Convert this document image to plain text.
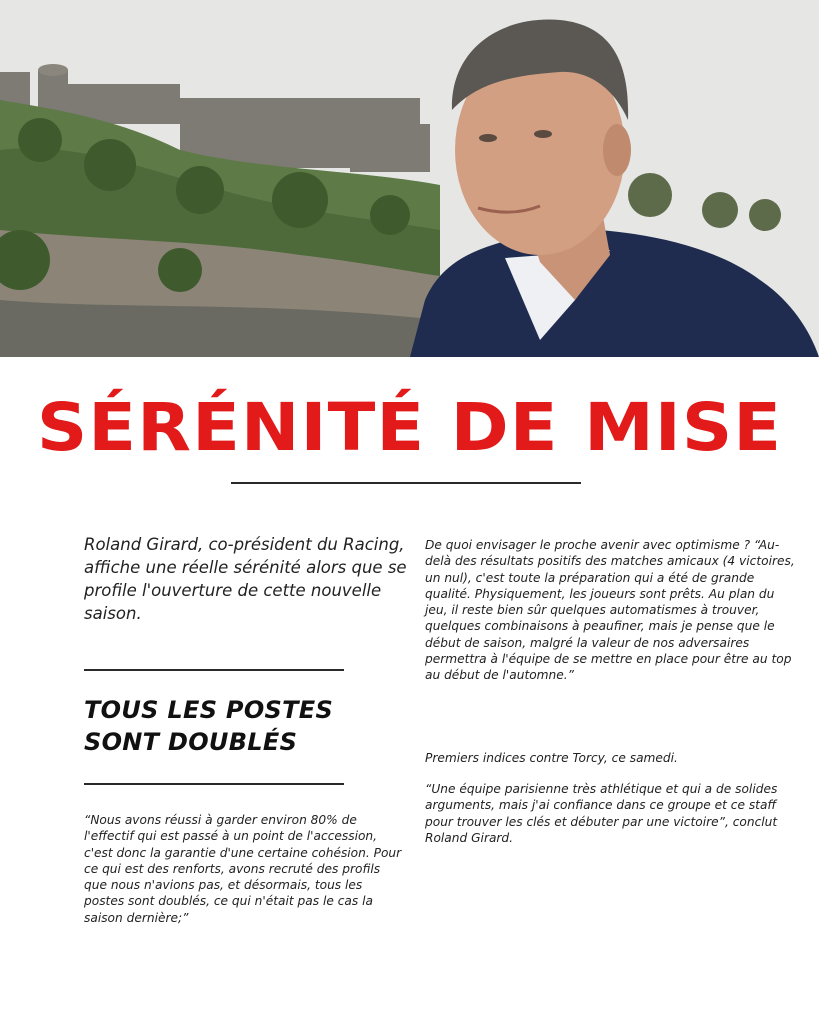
SÉRÉNITÉ DE MISE
Roland Girard, co-président du Racing, affiche une réelle sérénité alors que se profile l'ouverture de cette nouvelle saison.
TOUS LES POSTES SONT DOUBLÉS
“Nous avons réussi à garder environ 80% de l'effectif qui est passé à un point de l'accession, c'est donc la garantie d'une certaine cohésion. Pour ce qui est des renforts, avons recruté des profils que nous n'avions pas, et désormais, tous les postes sont doublés, ce qui n'était pas le cas la saison dernière;”

De quoi envisager le proche avenir avec optimisme ? “Au-delà des résultats positifs des matches amicaux (4 victoires, un nul), c'est toute la préparation qui a été de grande qualité. Physiquement, les joueurs sont prêts. Au plan du jeu, il reste bien sûr quelques automatismes à trouver, quelques combinaisons à peaufiner, mais je pense que le début de saison, malgré la valeur de nos adversaires permettra à l'équipe de se mettre en place pour être au top au début de l'automne.”

Premiers indices contre Torcy, ce samedi.

“Une équipe parisienne très athlétique et qui a de solides arguments, mais j'ai confiance dans ce groupe et ce staff pour trouver les clés et débuter par une victoire”, conclut Roland Girard.
